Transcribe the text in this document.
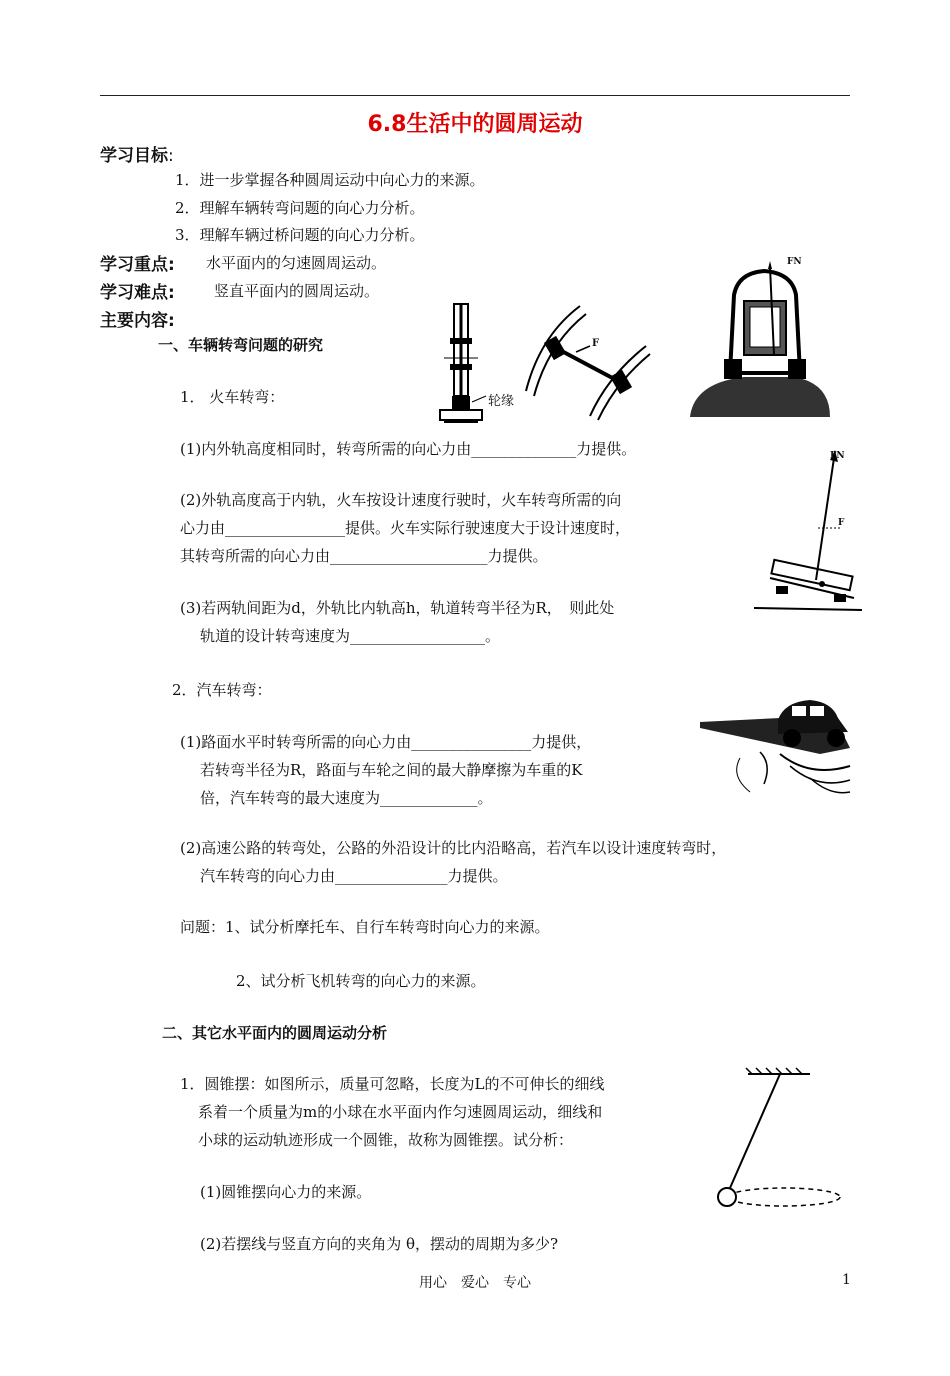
6.8生活中的圆周运动
学习目标:
1．进一步掌握各种圆周运动中向心力的来源。
2．理解车辆转弯问题的向心力分析。
3．理解车辆过桥问题的向心力分析。
学习重点: 水平面内的匀速圆周运动。
学习难点:	竖直平面内的圆周运动。
主要内容:
一、车辆转弯问题的研究
1． 火车转弯：	轮缘
F
FN
(1)内外轨高度相同时，转弯所需的向心力由______________力提供。
(2)外轨高度高于内轨，火车按设计速度行驶时，火车转弯所需的向
心力由________________提供。火车实际行驶速度大于设计速度时，
其转弯所需的向心力由_____________________力提供。
FN
F
(3)若两轨间距为d，外轨比内轨高h，轨道转弯半径为R，　则此处
轨道的设计转弯速度为__________________。
2．汽车转弯：
(1)路面水平时转弯所需的向心力由________________力提供，
若转弯半径为R，路面与车轮之间的最大静摩擦为车重的K
倍，汽车转弯的最大速度为_____________。
(2)高速公路的转弯处，公路的外沿设计的比内沿略高，若汽车以设计速度转弯时，
汽车转弯的向心力由_______________力提供。
问题：1、试分析摩托车、自行车转弯时向心力的来源。
2、试分析飞机转弯的向心力的来源。
二、其它水平面内的圆周运动分析
1．圆锥摆：如图所示，质量可忽略，长度为L的不可伸长的细线
系着一个质量为m的小球在水平面内作匀速圆周运动，细线和
小球的运动轨迹形成一个圆锥，故称为圆锥摆。试分析：
(1)圆锥摆向心力的来源。
(2)若摆线与竖直方向的夹角为 θ，摆动的周期为多少?
用心　爱心　专心	1
